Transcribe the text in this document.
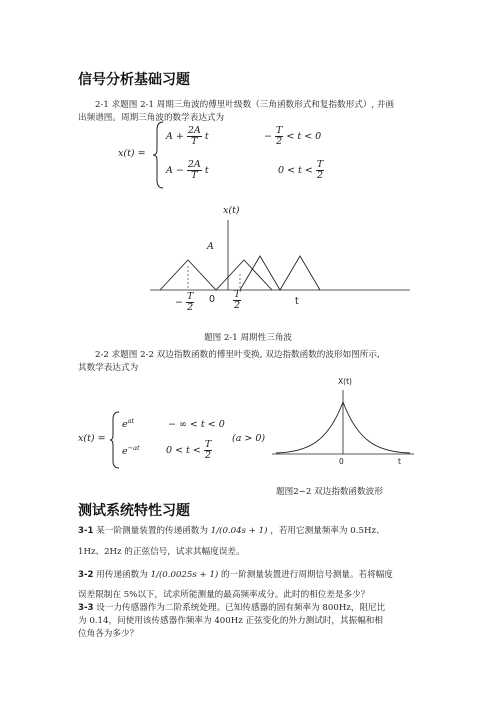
信号分析基础习题
2-1 求题图 2-1 周期三角波的傅里叶级数（三角函数形式和复指数形式）, 并画
出频谱图。周期三角波的数学表达式为
x(t) =
$A + \frac{2A}{T}$ t	− $\frac{T}{2} < t < 0$
$A - \frac{2A}{T}$ t	$0 < t < \frac{T}{2}$
x(t)
A
− $\frac{T}{2} 0 \frac{T}{2}$	t
题图 2-1 周期性三角波
2-2 求题图 2-2 双边指数函数的傅里叶变换, 双边指数函数的波形如图所示,
其数学表达式为
x(t) =
$e^{at}$	− ∞ < t < 0
$e^{-at}$	$0 < t < \frac{T}{2}$
(a > 0)
X(t)
0	t
题图2−2 双边指数函数波形
测试系统特性习题
3-1 某一阶测量装置的传递函数为 1/(0.04s + 1) ，若用它测量频率为 0.5Hz、
1Hz、2Hz 的正弦信号，试求其幅度误差。
3-2 用传递函数为 1/(0.0025s + 1) 的一阶测量装置进行周期信号测量。若将幅度
误差限制在 5%以下，试求所能测量的最高频率成分。此时的相位差是多少？
3-3 设一力传感器作为二阶系统处理。已知传感器的固有频率为 800Hz，阻尼比
为 0.14，问使用该传感器作频率为 400Hz 正弦变化的外力测试时，其振幅和相
位角各为多少？
